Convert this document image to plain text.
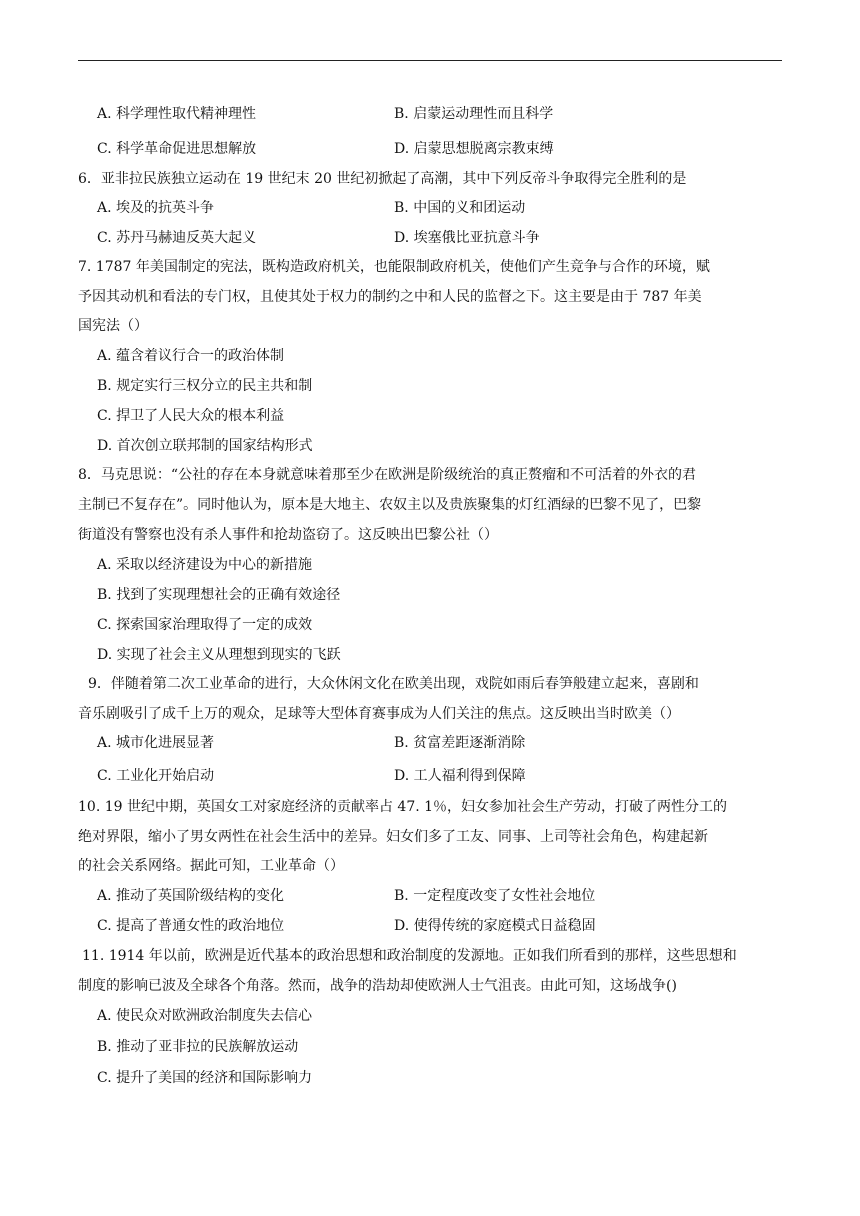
A. 科学理性取代精神理性	B. 启蒙运动理性而且科学
C. 科学革命促进思想解放	D. 启蒙思想脱离宗教束缚
6．亚非拉民族独立运动在 19 世纪末 20 世纪初掀起了高潮，其中下列反帝斗争取得完全胜利的是
A. 埃及的抗英斗争	B. 中国的义和团运动
C. 苏丹马赫迪反英大起义	D. 埃塞俄比亚抗意斗争
7. 1787 年美国制定的宪法，既构造政府机关，也能限制政府机关，使他们产生竞争与合作的环境，赋
予因其动机和看法的专门权，且使其处于权力的制约之中和人民的监督之下。这主要是由于 787 年美
国宪法（）
A. 蕴含着议行合一的政治体制
B. 规定实行三权分立的民主共和制
C. 捍卫了人民大众的根本利益
D. 首次创立联邦制的国家结构形式
8．马克思说：“公社的存在本身就意味着那至少在欧洲是阶级统治的真正赘瘤和不可活着的外衣的君
主制已不复存在”。同时他认为，原本是大地主、农奴主以及贵族聚集的灯红酒绿的巴黎不见了，巴黎
街道没有警察也没有杀人事件和抢劫盗窃了。这反映出巴黎公社（）
A. 采取以经济建设为中心的新措施
B. 找到了实现理想社会的正确有效途径
C. 探索国家治理取得了一定的成效
D. 实现了社会主义从理想到现实的飞跃
9．伴随着第二次工业革命的进行，大众休闲文化在欧美出现，戏院如雨后春笋般建立起来，喜剧和
音乐剧吸引了成千上万的观众，足球等大型体育赛事成为人们关注的焦点。这反映出当时欧美（）
A. 城市化进展显著	B. 贫富差距逐渐消除
C. 工业化开始启动	D. 工人福利得到保障
10. 19 世纪中期，英国女工对家庭经济的贡献率占 47. 1％，妇女参加社会生产劳动，打破了两性分工的
绝对界限，缩小了男女两性在社会生活中的差异。妇女们多了工友、同事、上司等社会角色，构建起新
的社会关系网络。据此可知，工业革命（）
A. 推动了英国阶级结构的变化	B. 一定程度改变了女性社会地位
C. 提高了普通女性的政治地位	D. 使得传统的家庭模式日益稳固
11. 1914 年以前，欧洲是近代基本的政治思想和政治制度的发源地。正如我们所看到的那样，这些思想和
制度的影响已波及全球各个角落。然而，战争的浩劫却使欧洲人士气沮丧。由此可知，这场战争()
A. 使民众对欧洲政治制度失去信心
B. 推动了亚非拉的民族解放运动
C. 提升了美国的经济和国际影响力
